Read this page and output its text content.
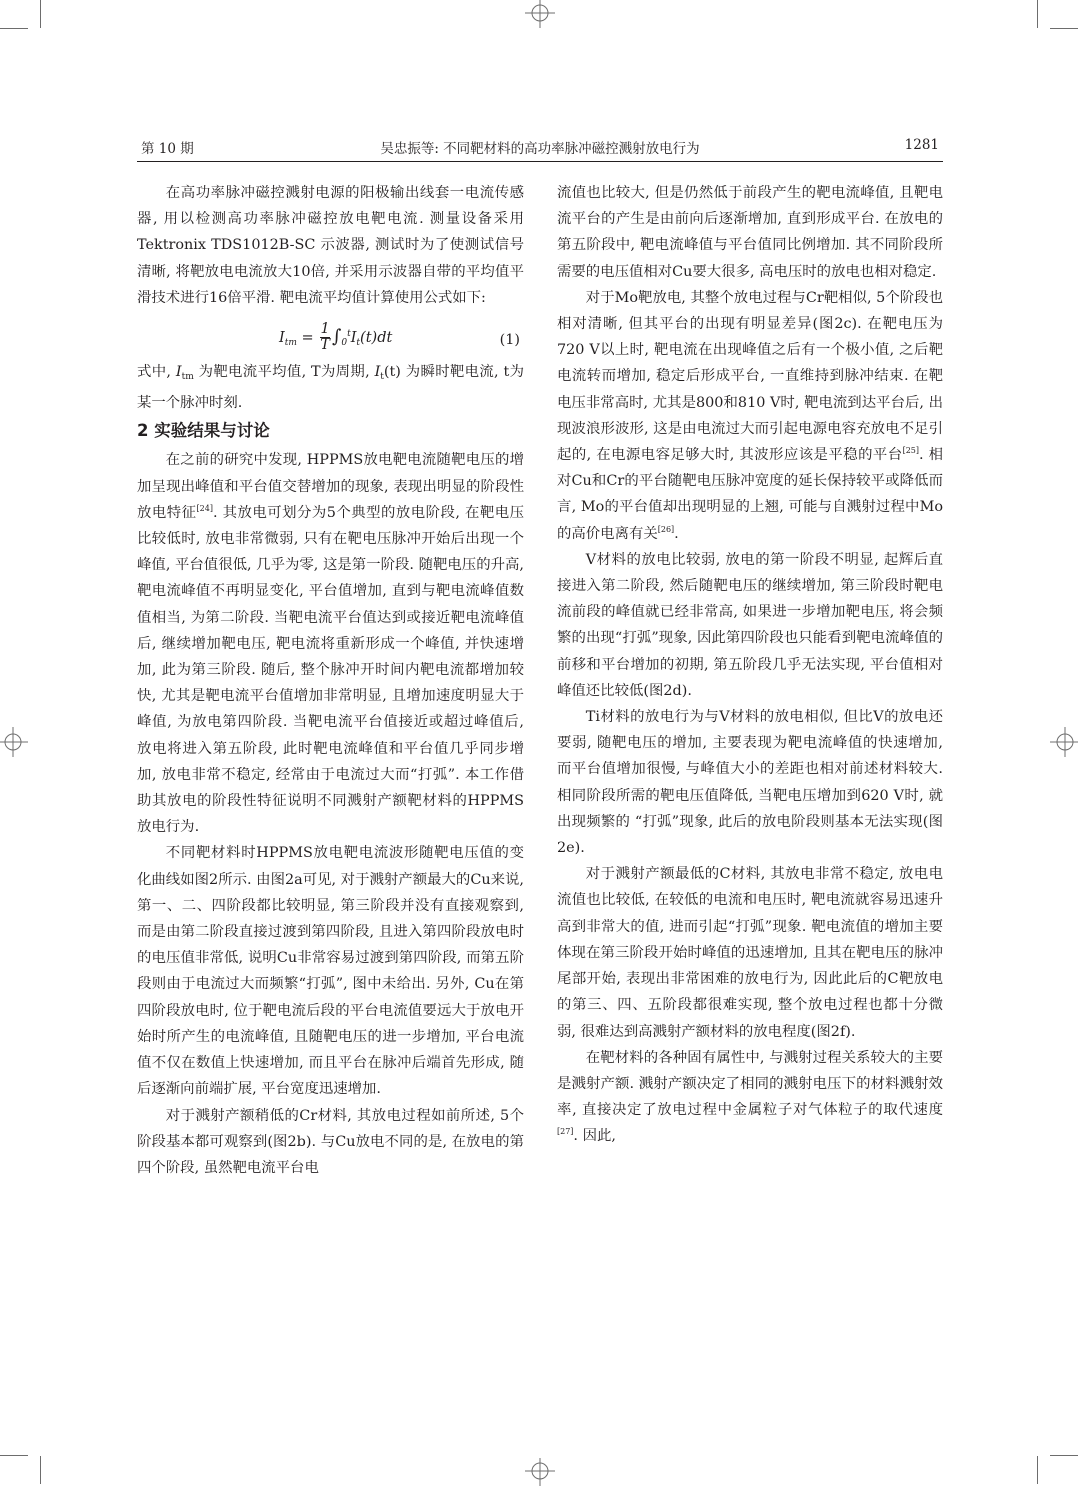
第 10 期	吴忠振等: 不同靶材料的高功率脉冲磁控溅射放电行为	1281

在高功率脉冲磁控溅射电源的阳极输出线套一电流传感器, 用以检测高功率脉冲磁控放电靶电流. 测量设备采用 Tektronix TDS1012B-SC 示波器, 测试时为了使测试信号清晰, 将靶放电电流放大10倍, 并采用示波器自带的平均值平滑技术进行16倍平滑. 靶电流平均值计算使用公式如下:

$I_{tm} = \frac{1}{T} \int_0^tI_t(t)dt$	(1)

式中, $I_{tm}$ 为靶电流平均值, T为周期, $I_t(t)$ 为瞬时靶电流, t为某一个脉冲时刻.

2 实验结果与讨论

在之前的研究中发现, HPPMS放电靶电流随靶电压的增加呈现出峰值和平台值交替增加的现象, 表现出明显的阶段性放电特征[24]. 其放电可划分为5个典型的放电阶段, 在靶电压比较低时, 放电非常微弱, 只有在靶电压脉冲开始后出现一个峰值, 平台值很低, 几乎为零, 这是第一阶段. 随靶电压的升高, 靶电流峰值不再明显变化, 平台值增加, 直到与靶电流峰值数值相当, 为第二阶段. 当靶电流平台值达到或接近靶电流峰值后, 继续增加靶电压, 靶电流将重新形成一个峰值, 并快速增加, 此为第三阶段. 随后, 整个脉冲开时间内靶电流都增加较快, 尤其是靶电流平台值增加非常明显, 且增加速度明显大于峰值, 为放电第四阶段. 当靶电流平台值接近或超过峰值后, 放电将进入第五阶段, 此时靶电流峰值和平台值几乎同步增加, 放电非常不稳定, 经常由于电流过大而“打弧”. 本工作借助其放电的阶段性特征说明不同溅射产额靶材料的HPPMS放电行为.

不同靶材料时HPPMS放电靶电流波形随靶电压值的变化曲线如图2所示. 由图2a可见, 对于溅射产额最大的Cu来说, 第一、二、四阶段都比较明显, 第三阶段并没有直接观察到, 而是由第二阶段直接过渡到第四阶段, 且进入第四阶段放电时的电压值非常低, 说明Cu非常容易过渡到第四阶段, 而第五阶段则由于电流过大而频繁“打弧”, 图中未给出. 另外, Cu在第四阶段放电时, 位于靶电流后段的平台电流值要远大于放电开始时所产生的电流峰值, 且随靶电压的进一步增加, 平台电流值不仅在数值上快速增加, 而且平台在脉冲后端首先形成, 随后逐渐向前端扩展, 平台宽度迅速增加.

对于溅射产额稍低的Cr材料, 其放电过程如前所述, 5个阶段基本都可观察到(图2b). 与Cu放电不同的是, 在放电的第四个阶段, 虽然靶电流平台电

流值也比较大, 但是仍然低于前段产生的靶电流峰值, 且靶电流平台的产生是由前向后逐渐增加, 直到形成平台. 在放电的第五阶段中, 靶电流峰值与平台值同比例增加. 其不同阶段所需要的电压值相对Cu要大很多, 高电压时的放电也相对稳定.

对于Mo靶放电, 其整个放电过程与Cr靶相似, 5个阶段也相对清晰, 但其平台的出现有明显差异(图2c). 在靶电压为720 V以上时, 靶电流在出现峰值之后有一个极小值, 之后靶电流转而增加, 稳定后形成平台, 一直维持到脉冲结束. 在靶电压非常高时, 尤其是800和810 V时, 靶电流到达平台后, 出现波浪形波形, 这是由电流过大而引起电源电容充放电不足引起的, 在电源电容足够大时, 其波形应该是平稳的平台[25]. 相对Cu和Cr的平台随靶电压脉冲宽度的延长保持较平或降低而言, Mo的平台值却出现明显的上翘, 可能与自溅射过程中Mo的高价电离有关[26].

V材料的放电比较弱, 放电的第一阶段不明显, 起辉后直接进入第二阶段, 然后随靶电压的继续增加, 第三阶段时靶电流前段的峰值就已经非常高, 如果进一步增加靶电压, 将会频繁的出现“打弧”现象, 因此第四阶段也只能看到靶电流峰值的前移和平台增加的初期, 第五阶段几乎无法实现, 平台值相对峰值还比较低(图2d).

Ti材料的放电行为与V材料的放电相似, 但比V的放电还要弱, 随靶电压的增加, 主要表现为靶电流峰值的快速增加, 而平台值增加很慢, 与峰值大小的差距也相对前述材料较大. 相同阶段所需的靶电压值降低, 当靶电压增加到620 V时, 就出现频繁的 “打弧”现象, 此后的放电阶段则基本无法实现(图2e).

对于溅射产额最低的C材料, 其放电非常不稳定, 放电电流值也比较低, 在较低的电流和电压时, 靶电流就容易迅速升高到非常大的值, 进而引起“打弧”现象. 靶电流值的增加主要体现在第三阶段开始时峰值的迅速增加, 且其在靶电压的脉冲尾部开始, 表现出非常困难的放电行为, 因此此后的C靶放电的第三、四、五阶段都很难实现, 整个放电过程也都十分微弱, 很难达到高溅射产额材料的放电程度(图2f).

在靶材料的各种固有属性中, 与溅射过程关系较大的主要是溅射产额. 溅射产额决定了相同的溅射电压下的材料溅射效率, 直接决定了放电过程中金属粒子对气体粒子的取代速度[27]. 因此,
